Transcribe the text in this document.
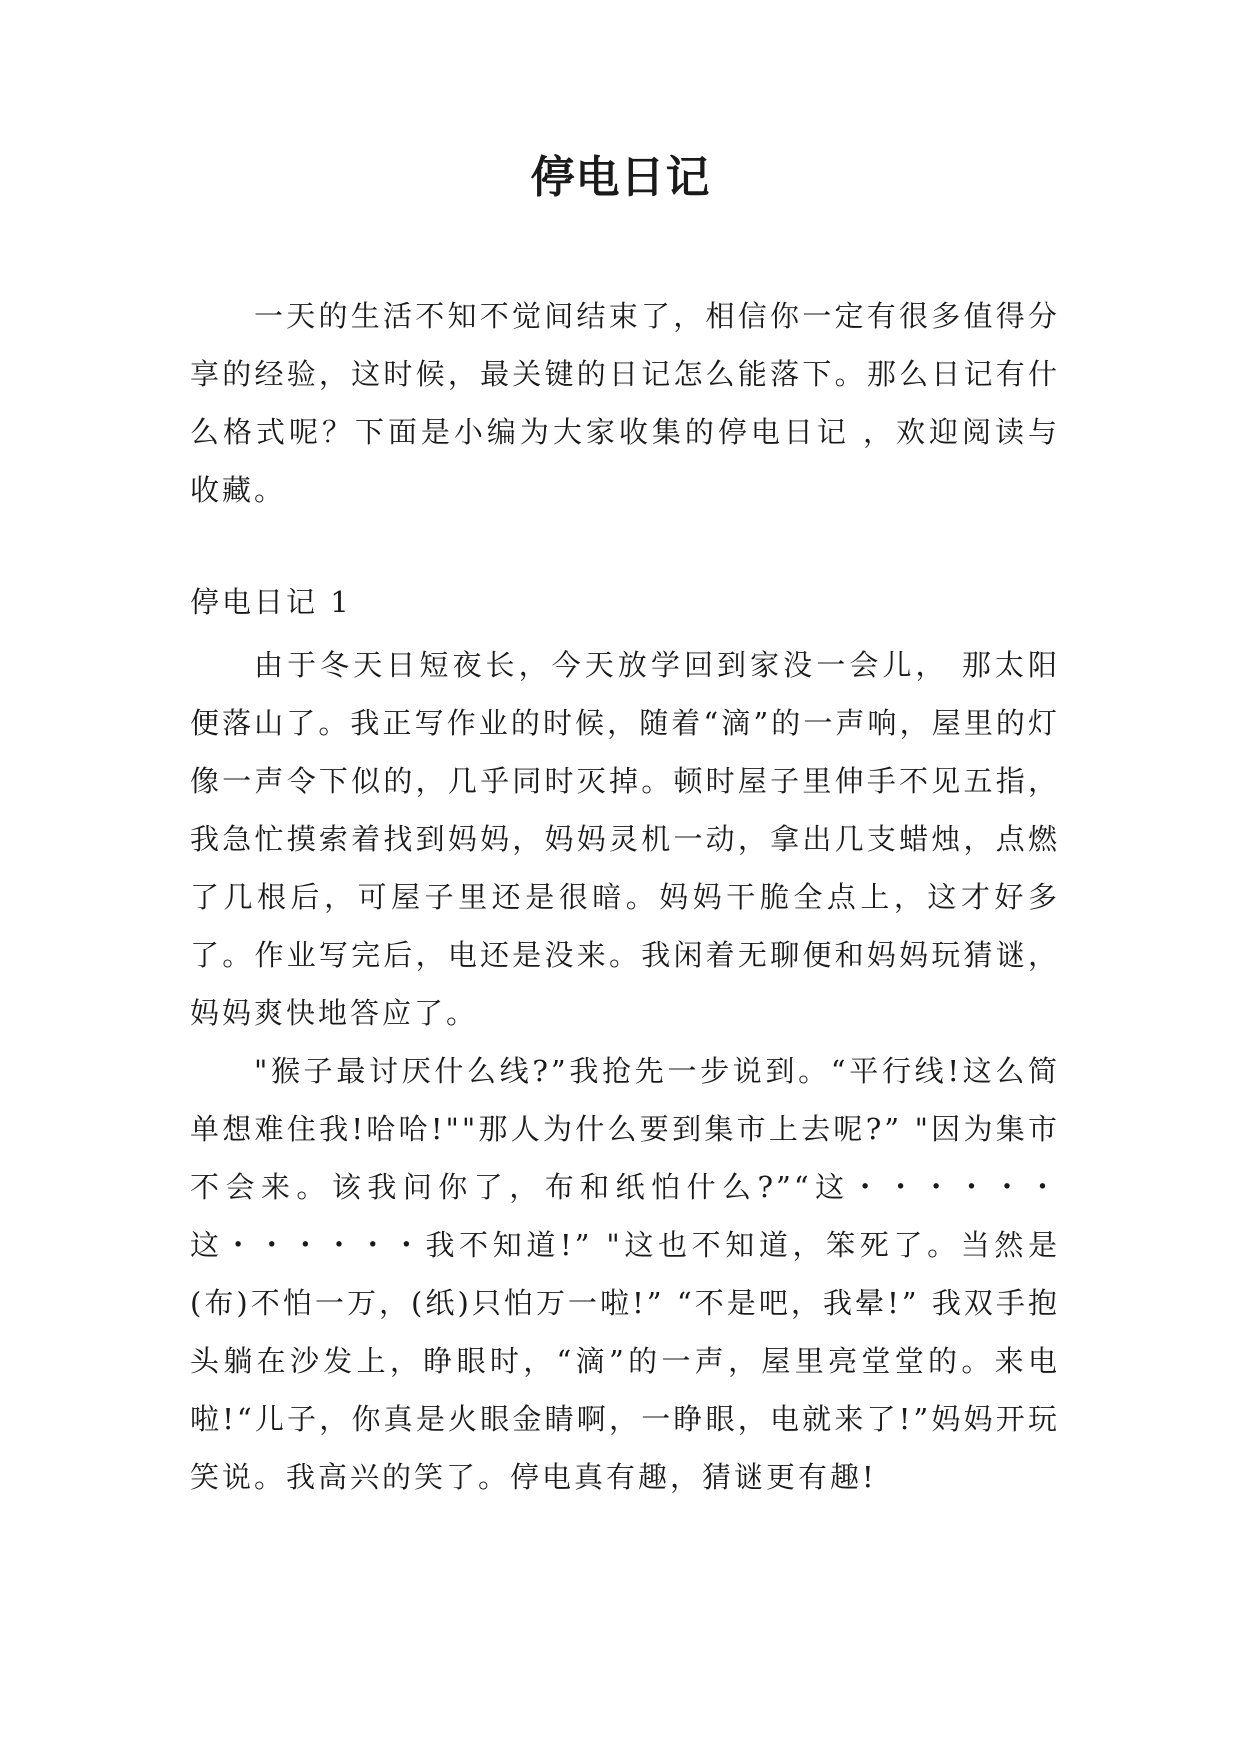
停电日记

一天的生活不知不觉间结束了，相信你一定有很多值得分享的经验，这时候，最关键的日记怎么能落下。那么日记有什么格式呢？下面是小编为大家收集的停电日记 ，欢迎阅读与收藏。

停电日记 1

由于冬天日短夜长，今天放学回到家没一会儿， 那太阳便落山了。我正写作业的时候，随着“滴”的一声响，屋里的灯像一声令下似的，几乎同时灭掉。顿时屋子里伸手不见五指，我急忙摸索着找到妈妈，妈妈灵机一动，拿出几支蜡烛，点燃了几根后，可屋子里还是很暗。妈妈干脆全点上，这才好多了。作业写完后，电还是没来。我闲着无聊便和妈妈玩猜谜，妈妈爽快地答应了。

"猴子最讨厌什么线?”我抢先一步说到。“平行线!这么简单想难住我!哈哈!""那人为什么要到集市上去呢?” "因为集市不会来。该我问你了，布和纸怕什么?”“这・・・・・・这・・・・・・我不知道!” "这也不知道，笨死了。当然是(布)不怕一万，(纸)只怕万一啦!” “不是吧，我晕!” 我双手抱头躺在沙发上，睁眼时，“滴”的一声，屋里亮堂堂的。来电啦!“儿子，你真是火眼金睛啊，一睁眼，电就来了!”妈妈开玩笑说。我高兴的笑了。停电真有趣，猜谜更有趣!
